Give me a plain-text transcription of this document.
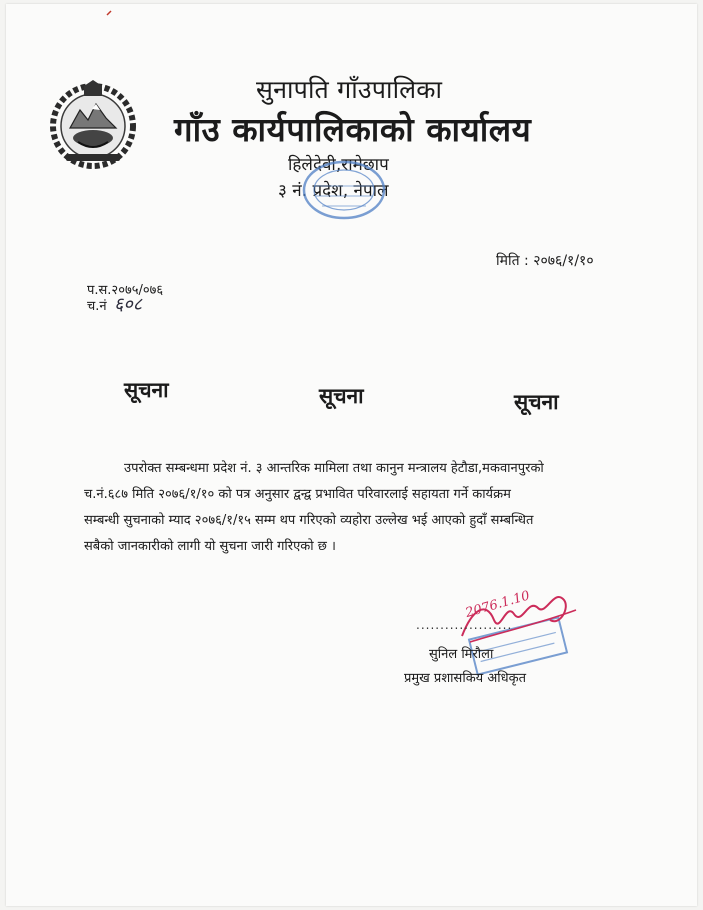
सुनापति गाँउपालिका
गाँउ कार्यपालिकाको कार्यालय
हिलेदेवी,रामेछाप
३ नं. प्रदेश, नेपाल
मिति : २०७६/१/१०
प.स.२०७५/०७६
च.नं ६०८
सूचना	सूचना	सूचना
उपरोक्त सम्बन्धमा प्रदेश नं. ३ आन्तरिक मामिला तथा कानुन मन्त्रालय हेटौडा,मकवानपुरको
च.नं.६८७ मिति २०७६/१/१० को पत्र अनुसार द्वन्द्व प्रभावित परिवारलाई सहायता गर्ने कार्यक्रम
सम्बन्धी सुचनाको म्याद २०७६/१/१५ सम्म थप गरिएको व्यहोरा उल्लेख भई आएको हुदाँ सम्बन्धित
सबैको जानकारीको लागी यो सुचना जारी गरिएको छ ।
2076.1.10
....................
सुनिल मिरौला
प्रमुख प्रशासकिय अधिकृत
